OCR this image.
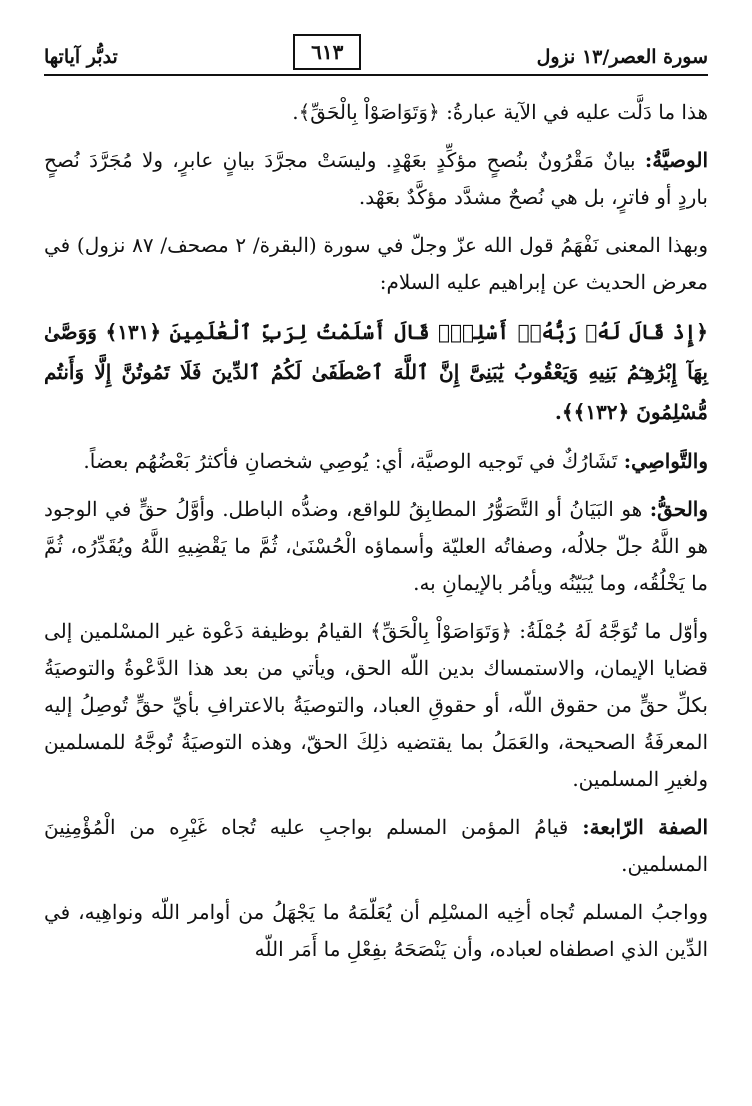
سورة العصر/١٣ نزول
٦١٣
تدبُّر آياتها

هذا ما دَلَّت عليه في الآية عبارةُ: ﴿وَتَوَاصَوْاْ بِالْحَقِّ﴾.

الوصيَّةُ: بيانٌ مَقْرُونٌ بنُصحٍ مؤكِّدٍ بعَهْدٍ. وليسَتْ مجرَّدَ بيانٍ عابرٍ، ولا مُجَرَّدَ نُصحٍ باردٍ أو فاترٍ، بل هي نُصحٌ مشدَّد مؤكَّدٌ بعَهْد.

وبهذا المعنى نَفْهَمُ قول الله عزّ وجلّ في سورة (البقرة/ ٢ مصحف/ ٨٧ نزول) في معرض الحديث عن إبراهيم عليه السلام:

﴿إِذْ قَالَ لَهُۥ رَبُّهُۥٓ أَسْلِمْۖ قَالَ أَسْلَمْتُ لِرَبِّ ٱلْعَٰلَمِينَ ﴿١٣١﴾ وَوَصَّىٰ بِهَآ إِبْرَٰهِـۧمُ بَنِيهِ وَيَعْقُوبُ يَٰبَنِىَّ إِنَّ ٱللَّهَ ٱصْطَفَىٰ لَكُمُ ٱلدِّينَ فَلَا تَمُوتُنَّ إِلَّا وَأَنتُم مُّسْلِمُونَ ﴿١٣٢﴾﴾.

والتَّواصِي: تَشَارُكٌ في تَوجيه الوصيَّة، أي: يُوصِي شخصانِ فأكثرُ بَعْضُهُم بعضاً.

والحقُّ: هو البَيَانُ أو التَّصَوُّرُ المطابِقُ للواقع، وضدُّه الباطل. وأوَّلُ حقٍّ في الوجود هو اللَّهُ جلّ جلالُه، وصفاتُه العليّة وأسماؤه الْحُسْنَىٰ، ثُمَّ ما يَقْضِيهِ اللَّهُ ويُقَدِّرُه، ثُمَّ ما يَخْلُقُه، وما يُبَيّنُه ويأمُر بالإيمانِ به.

وأوّل ما تُوَجَّهُ لَهُ جُمْلَةُ: ﴿وَتَوَاصَوْاْ بِالْحَقِّ﴾ القيامُ بوظيفة دَعْوة غير المسْلمين إلى قضايا الإيمان، والاستمساك بدين اللّه الحق، ويأتي من بعد هذا الدَّعْوةُ والتوصيَةُ بكلِّ حقٍّ من حقوق اللّه، أو حقوقِ العباد، والتوصيَةُ بالاعترافِ بأيِّ حقٍّ تُوصِلُ إليه المعرفَةُ الصحيحة، والعَمَلُ بما يقتضيه ذلِكَ الحقّ، وهذه التوصيَةُ تُوجَّهُ للمسلمين ولغيرِ المسلمين.

الصفة الرّابعة: قيامُ المؤمن المسلم بواجبِ عليه تُجاه غَيْرِه من الْمُؤْمِنِينَ المسلمين.

وواجبُ المسلم تُجاه أخِيه المسْلِم أن يُعَلّمَهُ ما يَجْهَلُ من أوامر اللّه ونواهِيه، في الدِّين الذي اصطفاه لعباده، وأن يَنْصَحَهُ بفِعْلِ ما أَمَر اللّه
